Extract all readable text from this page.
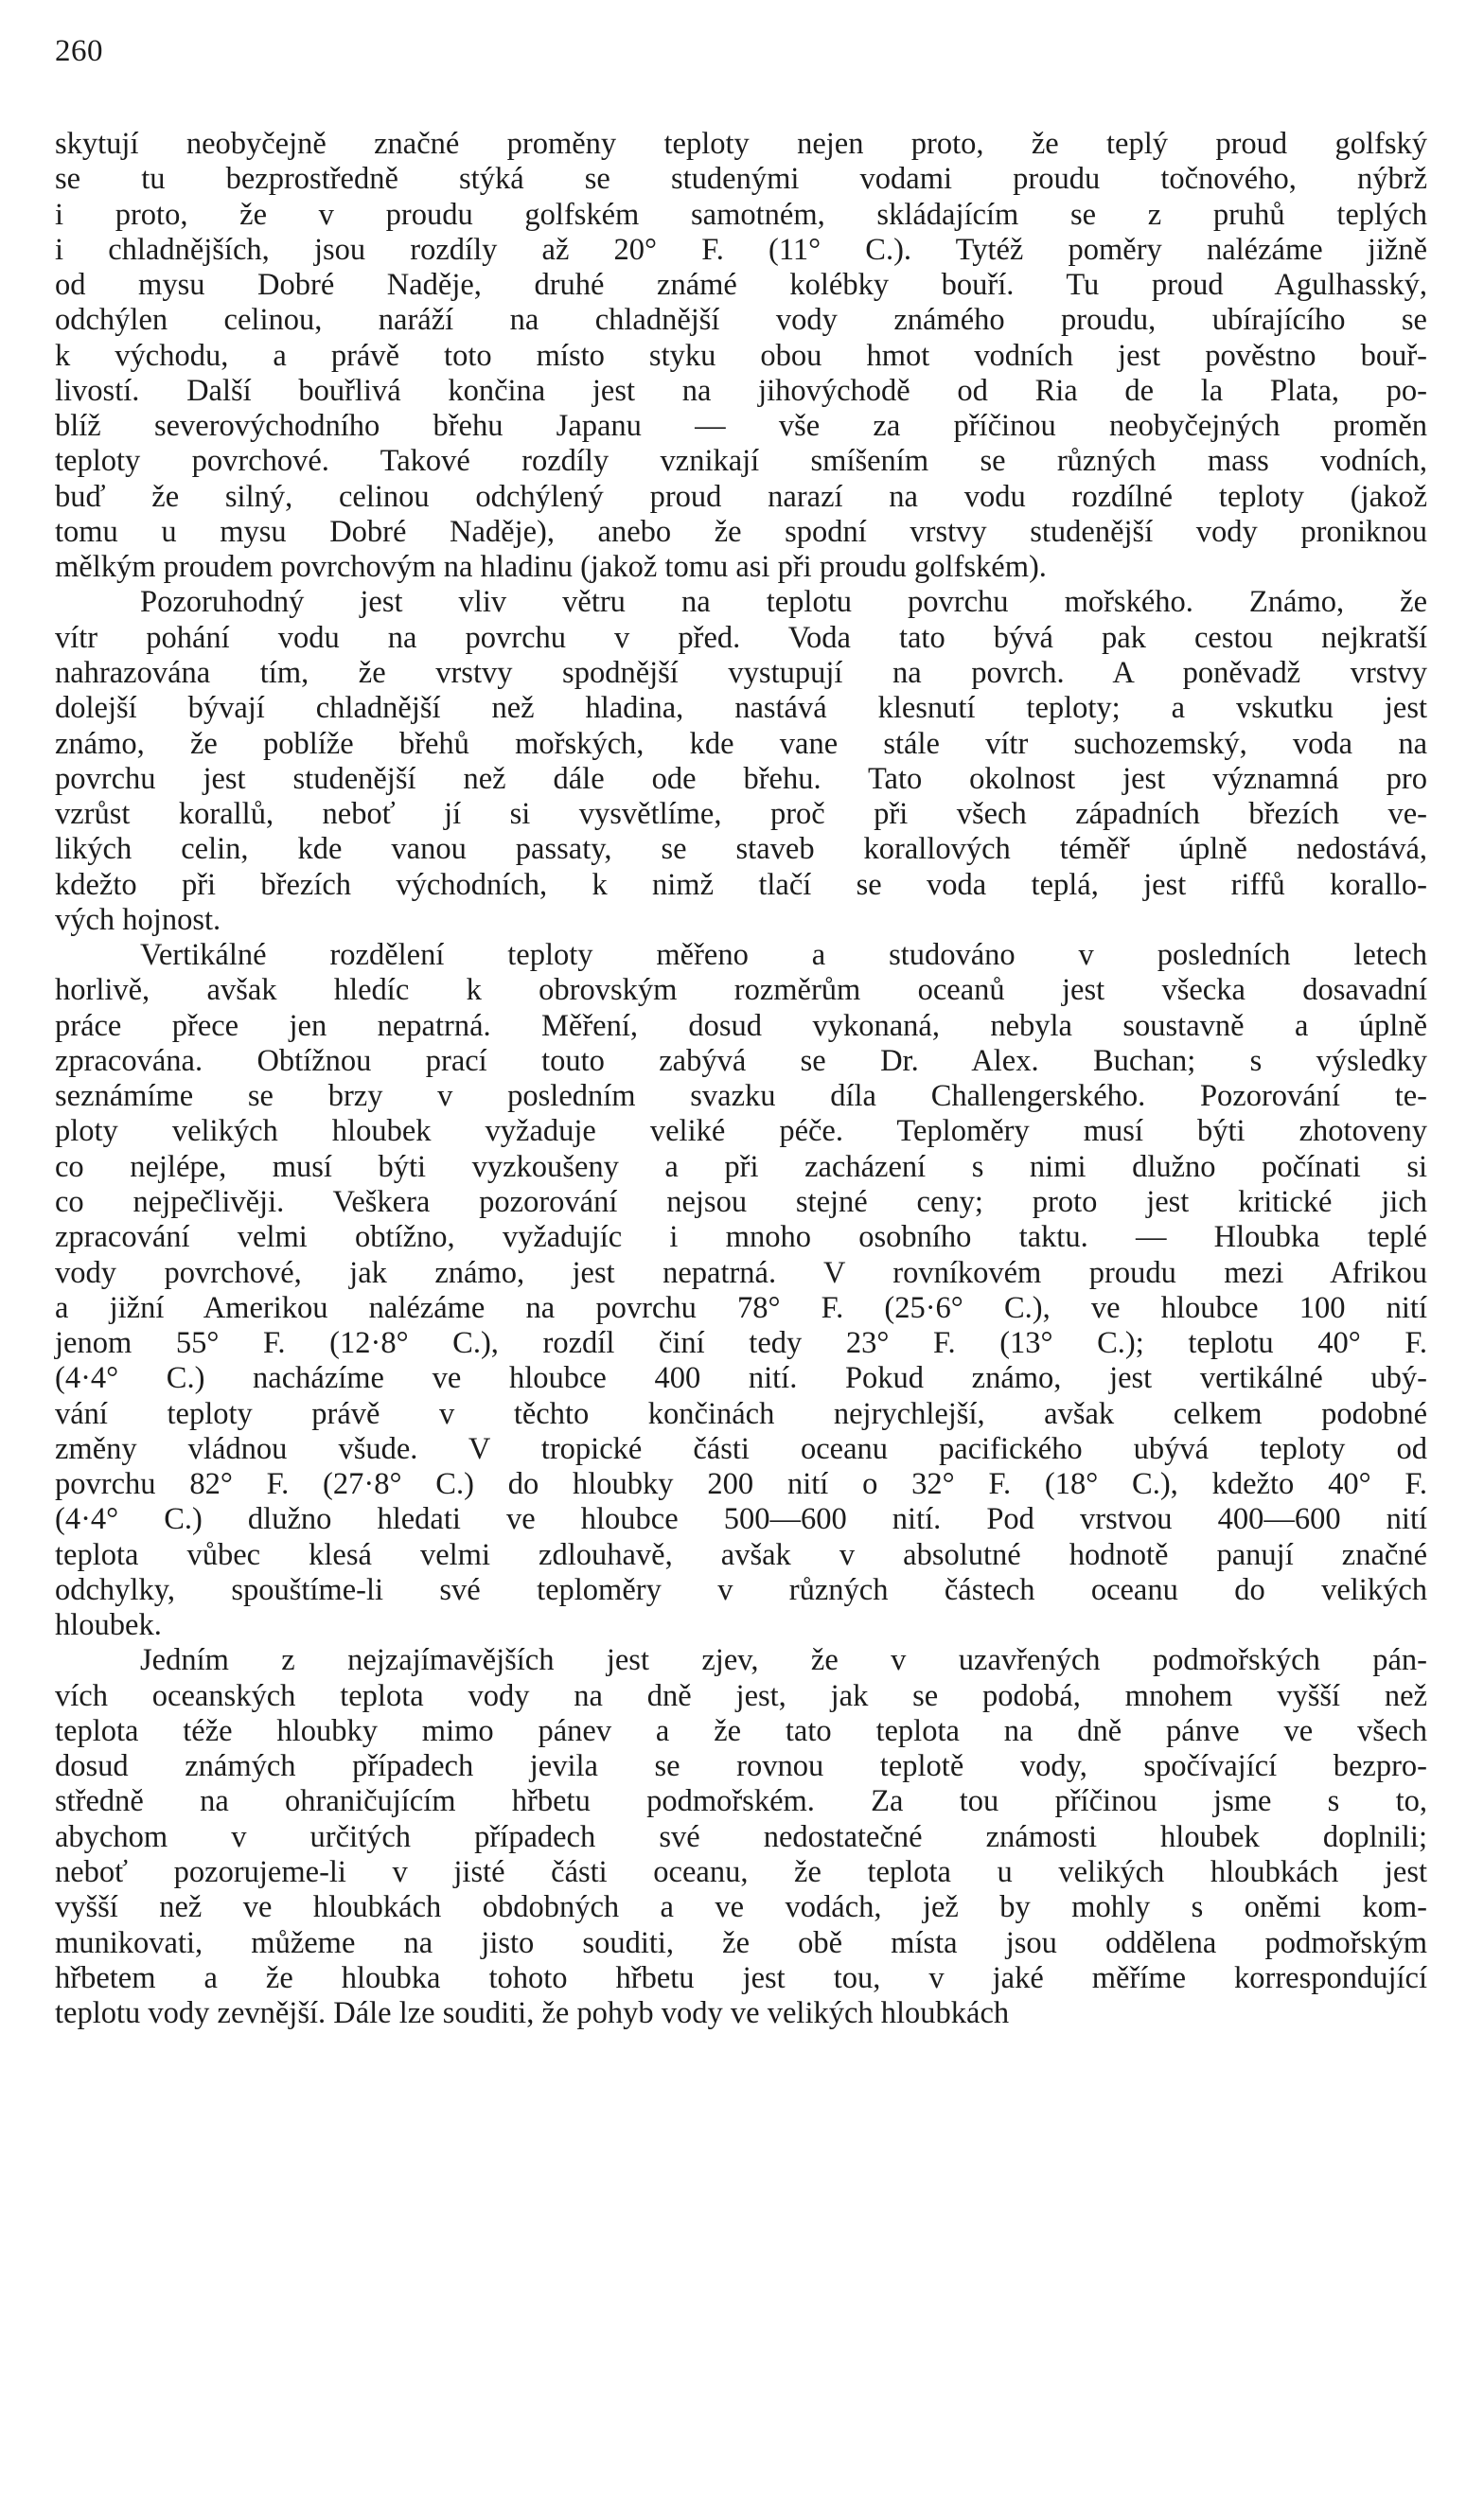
260
skytují neobyčejně značné proměny teploty nejen proto, že teplý proud golfský
se tu bezprostředně stýká se studenými vodami proudu točnového, nýbrž
i proto, že v proudu golfském samotném, skládajícím se z pruhů teplých
i chladnějších, jsou rozdíly až 20° F. (11° C.). Tytéž poměry nalézáme jižně
od mysu Dobré Naděje, druhé známé kolébky bouří. Tu proud Agulhasský,
odchýlen celinou, naráží na chladnější vody známého proudu, ubírajícího se
k východu, a právě toto místo styku obou hmot vodních jest pověstno bouř-
livostí. Další bouřlivá končina jest na jihovýchodě od Ria de la Plata, po-
blíž severovýchodního břehu Japanu — vše za příčinou neobyčejných proměn
teploty povrchové. Takové rozdíly vznikají smíšením se různých mass vodních,
buď že silný, celinou odchýlený proud narazí na vodu rozdílné teploty (jakož
tomu u mysu Dobré Naděje), anebo že spodní vrstvy studenější vody proniknou
mělkým proudem povrchovým na hladinu (jakož tomu asi při proudu golfském).
Pozoruhodný jest vliv větru na teplotu povrchu mořského. Známo, že
vítr pohání vodu na povrchu v před. Voda tato bývá pak cestou nejkratší
nahrazována tím, že vrstvy spodnější vystupují na povrch. A poněvadž vrstvy
dolejší bývají chladnější než hladina, nastává klesnutí teploty; a vskutku jest
známo, že poblíže břehů mořských, kde vane stále vítr suchozemský, voda na
povrchu jest studenější než dále ode břehu. Tato okolnost jest významná pro
vzrůst korallů, neboť jí si vysvětlíme, proč při všech západních březích ve-
likých celin, kde vanou passaty, se staveb korallových téměř úplně nedostává,
kdežto při březích východních, k nimž tlačí se voda teplá, jest riffů korallo-
vých hojnost.
Vertikálné rozdělení teploty měřeno a studováno v posledních letech
horlivě, avšak hledíc k obrovským rozměrům oceanů jest všecka dosavadní
práce přece jen nepatrná. Měření, dosud vykonaná, nebyla soustavně a úplně
zpracována. Obtížnou prací touto zabývá se Dr. Alex. Buchan; s výsledky
seznámíme se brzy v posledním svazku díla Challengerského. Pozorování te-
ploty velikých hloubek vyžaduje veliké péče. Teploměry musí býti zhotoveny
co nejlépe, musí býti vyzkoušeny a při zacházení s nimi dlužno počínati si
co nejpečlivěji. Veškera pozorování nejsou stejné ceny; proto jest kritické jich
zpracování velmi obtížno, vyžadujíc i mnoho osobního taktu. — Hloubka teplé
vody povrchové, jak známo, jest nepatrná. V rovníkovém proudu mezi Afrikou
a jižní Amerikou nalézáme na povrchu 78° F. (25·6° C.), ve hloubce 100 nití
jenom 55° F. (12·8° C.), rozdíl činí tedy 23° F. (13° C.); teplotu 40° F.
(4·4° C.) nacházíme ve hloubce 400 nití. Pokud známo, jest vertikálné ubý-
vání teploty právě v těchto končinách nejrychlejší, avšak celkem podobné
změny vládnou všude. V tropické části oceanu pacifického ubývá teploty od
povrchu 82° F. (27·8° C.) do hloubky 200 nití o 32° F. (18° C.), kdežto 40° F.
(4·4° C.) dlužno hledati ve hloubce 500—600 nití. Pod vrstvou 400—600 nití
teplota vůbec klesá velmi zdlouhavě, avšak v absolutné hodnotě panují značné
odchylky, spouštíme-li své teploměry v různých částech oceanu do velikých
hloubek.
Jedním z nejzajímavějších jest zjev, že v uzavřených podmořských pán-
vích oceanských teplota vody na dně jest, jak se podobá, mnohem vyšší než
teplota téže hloubky mimo pánev a že tato teplota na dně pánve ve všech
dosud známých případech jevila se rovnou teplotě vody, spočívající bezpro-
středně na ohraničujícím hřbetu podmořském. Za tou příčinou jsme s to,
abychom v určitých případech své nedostatečné známosti hloubek doplnili;
neboť pozorujeme-li v jisté části oceanu, že teplota u velikých hloubkách jest
vyšší než ve hloubkách obdobných a ve vodách, jež by mohly s oněmi kom-
munikovati, můžeme na jisto souditi, že obě místa jsou oddělena podmořským
hřbetem a že hloubka tohoto hřbetu jest tou, v jaké měříme korrespondující
teplotu vody zevnější. Dále lze souditi, že pohyb vody ve velikých hloubkách
